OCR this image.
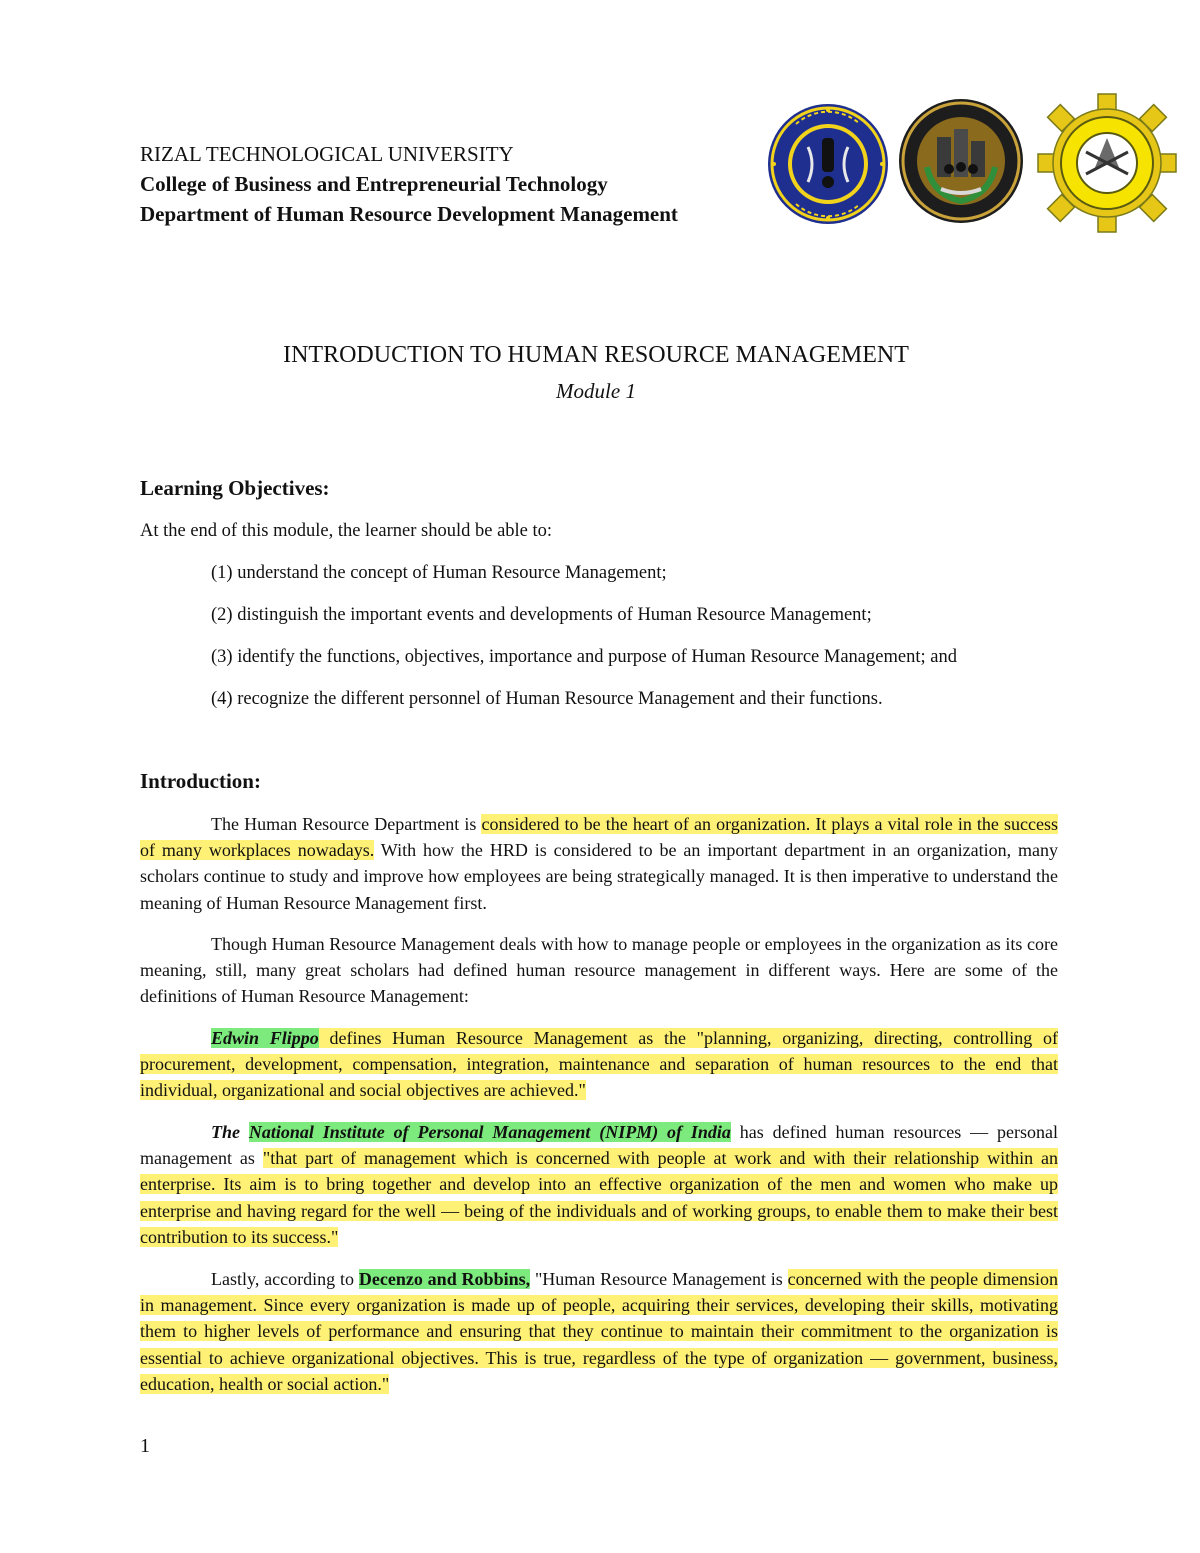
RIZAL TECHNOLOGICAL UNIVERSITY
College of Business and Entrepreneurial Technology
Department of Human Resource Development Management
INTRODUCTION TO HUMAN RESOURCE MANAGEMENT
Module 1
Learning Objectives:
At the end of this module, the learner should be able to:
(1) understand the concept of Human Resource Management;
(2) distinguish the important events and developments of Human Resource Management;
(3) identify the functions, objectives, importance and purpose of Human Resource Management; and
(4) recognize the different personnel of Human Resource Management and their functions.
Introduction:

The Human Resource Department is considered to be the heart of an organization. It plays a vital role in the success of many workplaces nowadays. With how the HRD is considered to be an important department in an organization, many scholars continue to study and improve how employees are being strategically managed. It is then imperative to understand the meaning of Human Resource Management first.

Though Human Resource Management deals with how to manage people or employees in the organization as its core meaning, still, many great scholars had defined human resource management in different ways. Here are some of the definitions of Human Resource Management:

Edwin Flippo defines Human Resource Management as the "planning, organizing, directing, controlling of procurement, development, compensation, integration, maintenance and separation of human resources to the end that individual, organizational and social objectives are achieved."

The National Institute of Personal Management (NIPM) of India has defined human resources — personal management as "that part of management which is concerned with people at work and with their relationship within an enterprise. Its aim is to bring together and develop into an effective organization of the men and women who make up enterprise and having regard for the well — being of the individuals and of working groups, to enable them to make their best contribution to its success."

Lastly, according to Decenzo and Robbins, "Human Resource Management is concerned with the people dimension in management. Since every organization is made up of people, acquiring their services, developing their skills, motivating them to higher levels of performance and ensuring that they continue to maintain their commitment to the organization is essential to achieve organizational objectives. This is true, regardless of the type of organization — government, business, education, health or social action."

1
